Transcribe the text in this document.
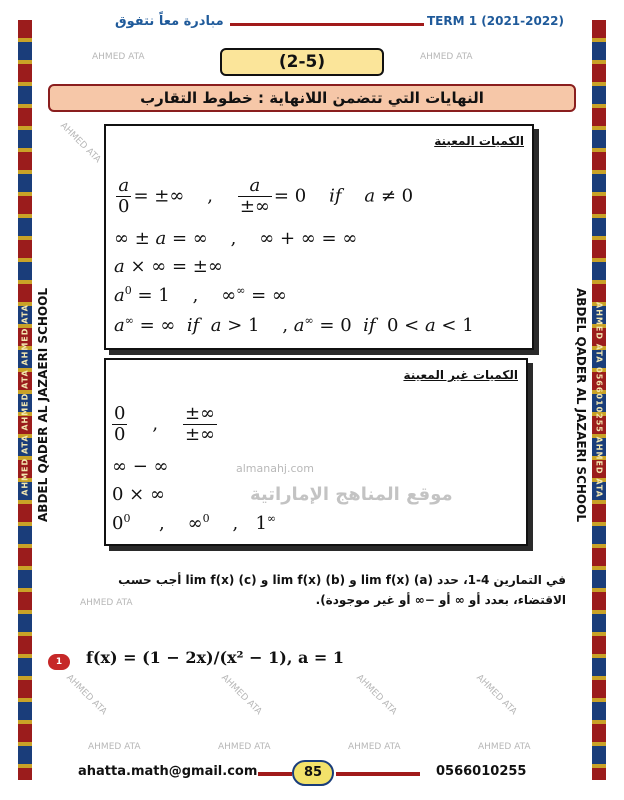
AHMED ATA AHMED ATA AHMED ATA	AHMED ATA 0566010255 AHMED ATA
ABDEL QADER AL JAZAERI SCHOOL	ABDEL QADER AL JAZAERI SCHOOL
مبادرة معاً نتفوق	TERM 1 (2021-2022)
AHMED ATA	AHMED ATA
AHMED ATA
AHMED ATA
AHMED ATA	AHMED ATA	AHMED ATA	AHMED ATA
AHMED ATA	AHMED ATA	AHMED ATA	AHMED ATA
(2-5)
النهايات التي تتضمن اللانهاية : خطوط التقارب
الكميات المعينة
$\frac{a}{0}$ = ±∞    , $\frac{a}{\pm\infty} = 0$    if a ≠ 0
∞ ± a = ∞    ,    ∞ + ∞ = ∞
a × ∞ = ±∞
$a^0 = 1$    ,    ∞∞ = ∞
a∞ = ∞  if a > 1    , a∞ = 0  if  0 < a < 1
الكميات غير المعينة
$\frac{0}{0}$ , $\frac{\pm\infty}{\pm\infty}$
∞ − ∞
0 × ∞
$0^0$     ,    ∞$^0$    ,   1∞
almanahj.com
موقع المناهج الإماراتية
في التمارين 4-1، حدد (a) lim f(x) و (b) lim f(x) و (c) lim f(x) أجب حسب الاقتضاء، بعدد أو ∞ أو −∞ أو غير موجودة).
1	f(x) = (1 − 2x)/(x² − 1), a = 1
ahatta.math@gmail.com	85	0566010255
